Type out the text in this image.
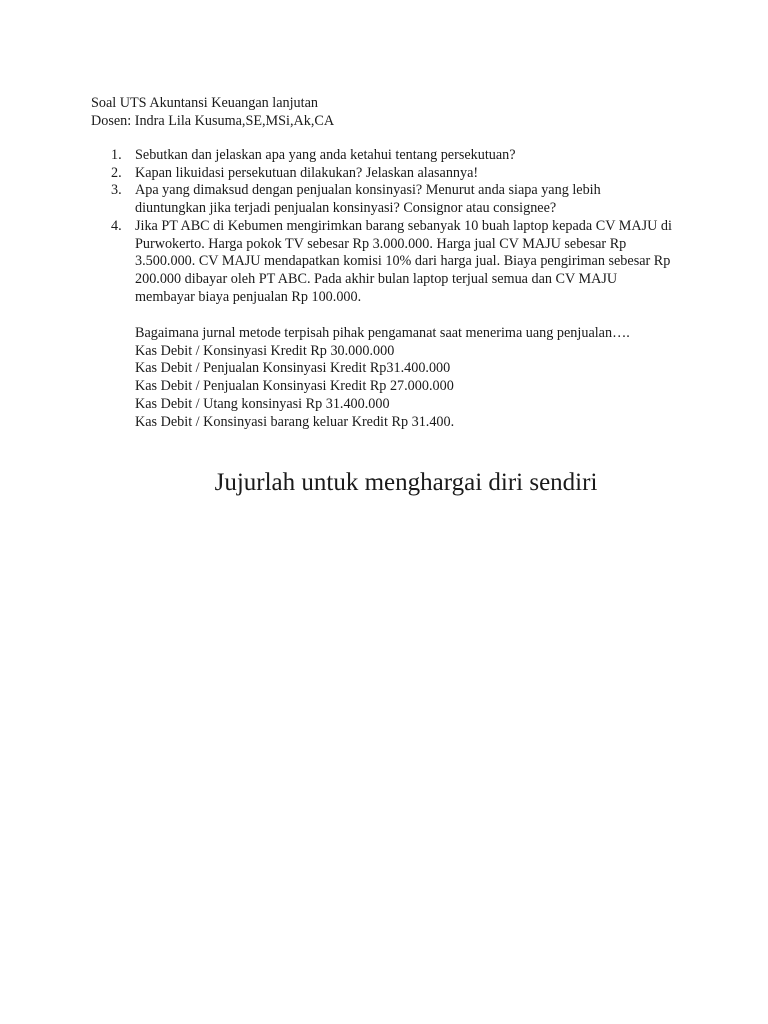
Soal UTS Akuntansi Keuangan lanjutan
Dosen: Indra Lila Kusuma,SE,MSi,Ak,CA
1. Sebutkan dan jelaskan apa yang anda ketahui tentang persekutuan?
2. Kapan likuidasi persekutuan dilakukan? Jelaskan alasannya!
3. Apa yang dimaksud dengan penjualan konsinyasi? Menurut anda siapa yang lebih diuntungkan jika terjadi penjualan konsinyasi? Consignor atau consignee?
4. Jika PT ABC di Kebumen mengirimkan barang sebanyak 10 buah laptop kepada CV MAJU di Purwokerto. Harga pokok TV sebesar Rp 3.000.000. Harga jual CV MAJU sebesar Rp 3.500.000. CV MAJU mendapatkan komisi 10% dari harga jual. Biaya pengiriman sebesar Rp 200.000 dibayar oleh PT ABC. Pada akhir bulan laptop terjual semua dan CV MAJU membayar biaya penjualan Rp 100.000.
Bagaimana jurnal metode terpisah pihak pengamanat saat menerima uang penjualan….
Kas Debit / Konsinyasi Kredit Rp 30.000.000
Kas Debit / Penjualan Konsinyasi Kredit Rp31.400.000
Kas Debit / Penjualan Konsinyasi Kredit Rp 27.000.000
Kas Debit / Utang konsinyasi Rp 31.400.000
Kas Debit / Konsinyasi barang keluar Kredit Rp 31.400.
Jujurlah untuk menghargai diri sendiri
